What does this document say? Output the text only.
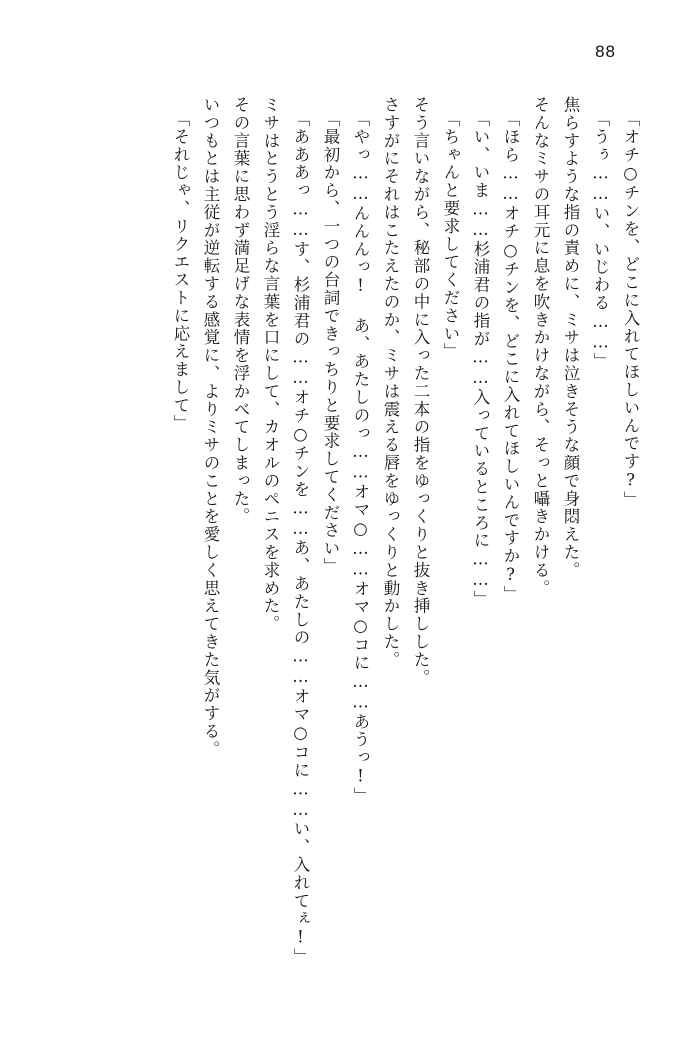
88
「オチ○チンを、どこに入れてほしいんです?」
「うぅ……い、いじわる……」
焦らすような指の責めに、ミサは泣きそうな顔で身悶えた。
そんなミサの耳元に息を吹きかけながら、そっと囁きかける。
「ほら……オチ○チンを、どこに入れてほしいんですか?」
「い、いま……杉浦君の指が……入っているところに……」
「ちゃんと要求してください」
そう言いながら、秘部の中に入った二本の指をゆっくりと抜き挿しした。
さすがにそれはこたえたのか、ミサは震える唇をゆっくりと動かした。
「やっ……んんんっ! あ、あたしのっ……オマ○……オマ○コに……あうっ!」
「最初から、一つの台詞できっちりと要求してください」
「あああっ……す、杉浦君の……オチ○チンを……あ、あたしの……オマ○コに……い、入れてぇ!」
ミサはとうとう淫らな言葉を口にして、カオルのペニスを求めた。
その言葉に思わず満足げな表情を浮かべてしまった。
いつもとは主従が逆転する感覚に、よりミサのことを愛しく思えてきた気がする。
「それじゃ、リクエストに応えまして」
